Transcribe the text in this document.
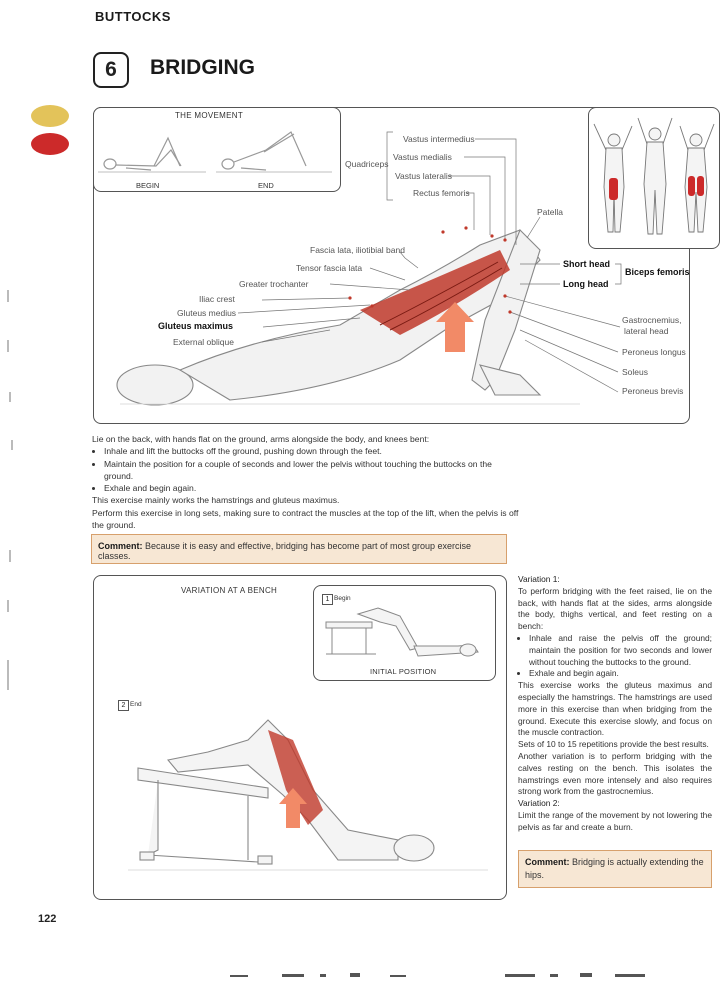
BUTTOCKS
6	BRIDGING
THE MOVEMENT
BEGIN	END
Quadriceps
Vastus intermedius
Vastus medialis
Vastus lateralis
Rectus femoris
Patella
Fascia lata, iliotibial band
Tensor fascia lata
Greater trochanter
Iliac crest
Gluteus medius
Gluteus maximus
External oblique
Short head
Long head
Biceps femoris
Gastrocnemius,
lateral head
Peroneus longus
Soleus
Peroneus brevis

Lie on the back, with hands flat on the ground, arms alongside the body, and knees bent:

• Inhale and lift the buttocks off the ground, pushing down through the feet.
• Maintain the position for a couple of seconds and lower the pelvis without touching the buttocks on the ground.
• Exhale and begin again.

This exercise mainly works the hamstrings and gluteus maximus.

Perform this exercise in long sets, making sure to contract the muscles at the top of the lift, when the pelvis is off the ground.

Comment: Because it is easy and effective, bridging has become part of most group exercise classes.
VARIATION AT A BENCH
1 Begin
INITIAL POSITION
2 End
Variation 1:

To perform bridging with the feet raised, lie on the back, with hands flat at the sides, arms alongside the body, thighs vertical, and feet resting on a bench:

• Inhale and raise the pelvis off the ground; maintain the position for two seconds and lower without touching the buttocks to the ground.
• Exhale and begin again.

This exercise works the gluteus maximus and especially the hamstrings. The hamstrings are used more in this exercise than when bridging from the ground. Execute this exercise slowly, and focus on the muscle contraction.

Sets of 10 to 15 repetitions provide the best results.

Another variation is to perform bridging with the calves resting on the bench. This isolates the hamstrings even more intensely and also requires strong work from the gastrocnemius.

Variation 2:

Limit the range of the movement by not lowering the pelvis as far and create a burn.

Comment: Bridging is actually extending the hips.
122
